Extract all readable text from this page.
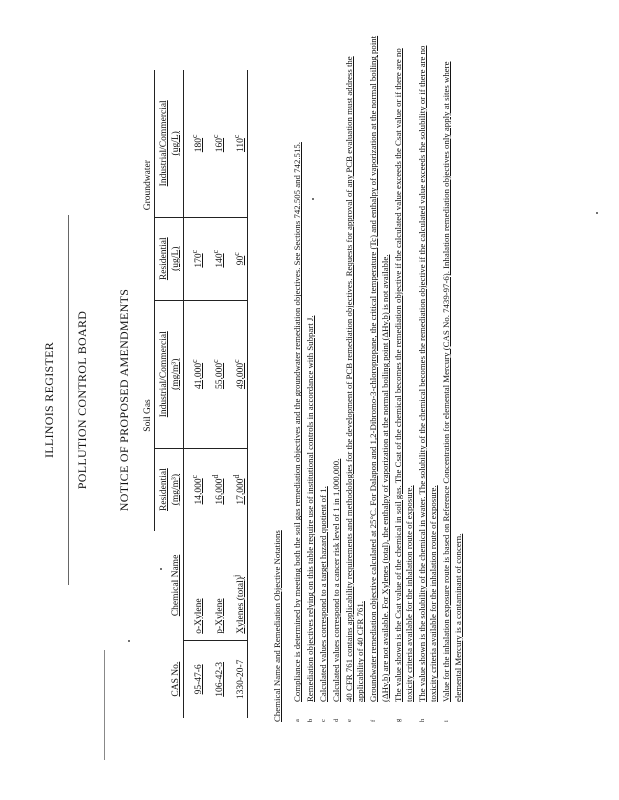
ILLINOIS REGISTER POLLUTION CONTROL BOARD NOTICE OF PROPOSED AMENDMENTS
		Soil Gas		Groundwater	
CAS No.	Chemical Name	Residential (mg/m³)	Industrial/Commercial (mg/m³)	Residential (ug/L)	Industrial/Commercial (ug/L)
95-47-6	o-Xylene	14,000$^c$	41,000$^c$	170$^c$	180$^c$
106-42-3	p-Xylene	16,000$^d$	55,000$^c$	140$^c$	160$^c$
1330-20-7	Xylenes (total)$^j$	17,000$^d$	49,000$^c$	90$^c$	110$^c$
Chemical Name and Remediation Objective Notations	a
Compliance is determined by meeting both the soil gas remediation objectives and the groundwater remediation objectives. See Sections 742.505 and 742.515.
b
Remediation objectives relying on this table require use of institutional controls in accordance with Subpart J.
c
Calculated values correspond to a target hazard quotient of 1.
d
Calculated values correspond to a cancer risk level of 1 in 1,000,000.
e
40 CFR 761 contains applicability requirements and methodologies for the development of PCB remediation objectives. Requests for approval of any PCB evaluation must address the applicability of 40 CFR 761.
f
Groundwater remediation objective calculated at 25°C. For Dalapon and 1,2-Dibromo-3-chloropropane, the critical temperature (Tc) and enthalpy of vaporization at the normal boiling point (ΔHv,b) are not available. For Xylenes (total), the enthalpy of vaporization at the normal boiling point (ΔHv,b) is not available.
g
The value shown is the Csat value of the chemical in soil gas. The Csat of the chemical becomes the remediation objective if the calculated value exceeds the Csat value or if there are no toxicity criteria available for the inhalation route of exposure.
h
The value shown is the solubility of the chemical in water. The solubility of the chemical becomes the remediation objective if the calculated value exceeds the solubility or if there are no toxicity criteria available for the inhalation route of exposure.
i
Value for the inhalation exposure route is based on Reference Concentration for elemental Mercury (CAS No. 7439-97-6). Inhalation remediation objectives only apply at sites where elemental Mercury is a contaminant of concern.
